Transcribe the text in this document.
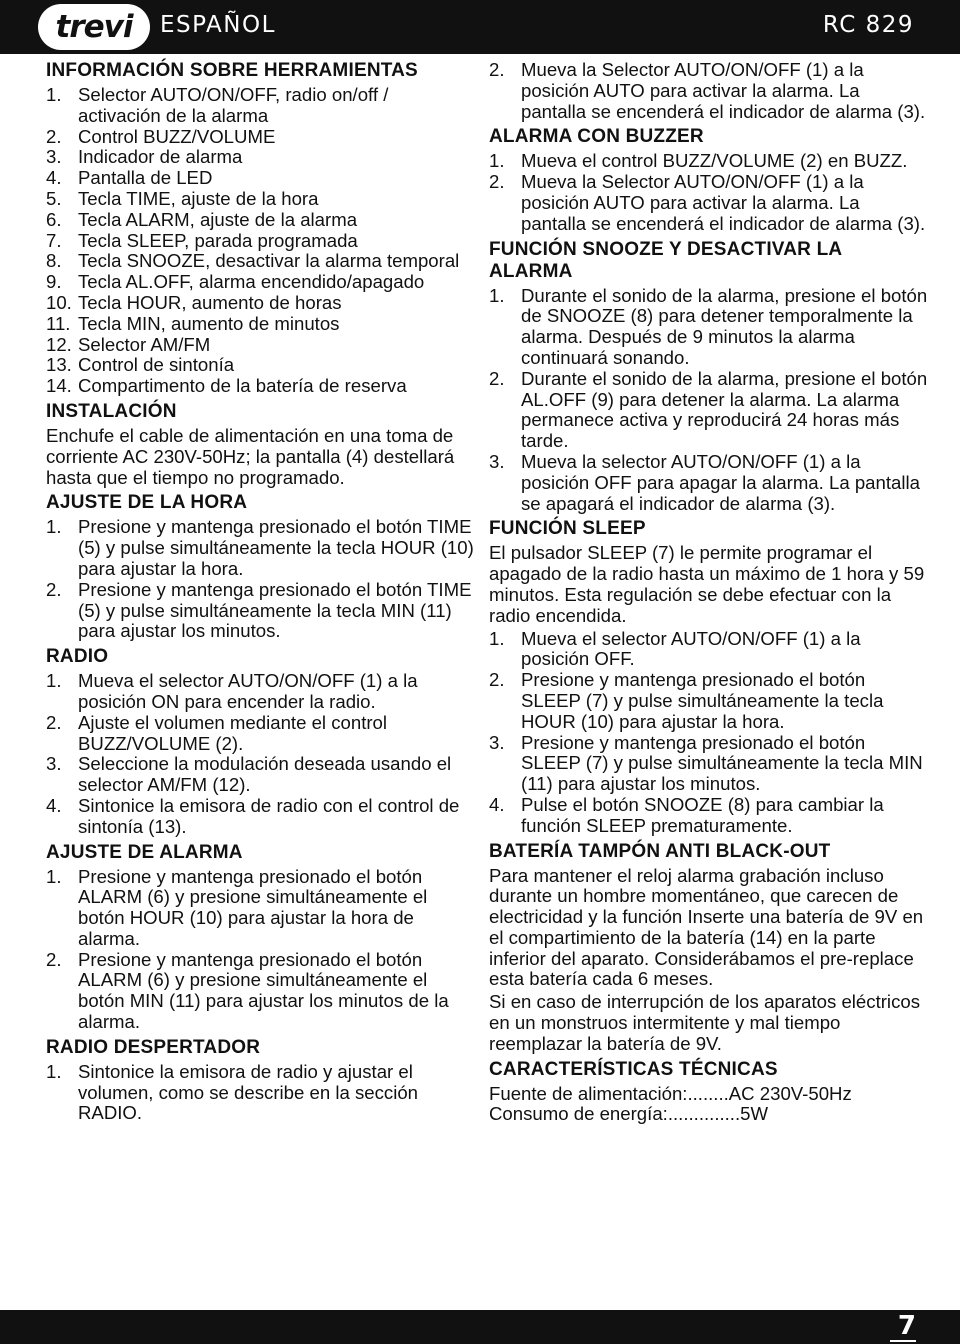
trevi ESPAÑOL	RC 829
INFORMACIÓN SOBRE HERRAMIENTAS
1. Selector AUTO/ON/OFF, radio on/off / activación de la alarma
2. Control BUZZ/VOLUME
3. Indicador de alarma
4. Pantalla de LED
5. Tecla TIME, ajuste de la hora
6. Tecla ALARM, ajuste de la alarma
7. Tecla SLEEP, parada programada
8. Tecla SNOOZE, desactivar la alarma temporal
9. Tecla AL.OFF, alarma encendido/apagado
10. Tecla HOUR, aumento de horas
11. Tecla MIN, aumento de minutos
12. Selector AM/FM
13. Control de sintonía
14. Compartimento de la batería de reserva
INSTALACIÓN

Enchufe el cable de alimentación en una toma de corriente AC 230V-50Hz; la pantalla (4) destellará hasta que el tiempo no programado.

AJUSTE DE LA HORA
1. Presione y mantenga presionado el botón TIME (5) y pulse simultáneamente la tecla HOUR (10) para ajustar la hora.
2. Presione y mantenga presionado el botón TIME (5) y pulse simultáneamente la tecla MIN (11) para ajustar los minutos.
RADIO
1. Mueva el selector AUTO/ON/OFF (1) a la posición ON para encender la radio.
2. Ajuste el volumen mediante el control BUZZ/VOLUME (2).
3. Seleccione la modulación deseada usando el selector AM/FM (12).
4. Sintonice la emisora de radio con el control de sintonía (13).
AJUSTE DE ALARMA
1. Presione y mantenga presionado el botón ALARM (6) y presione simultáneamente el botón HOUR (10) para ajustar la hora de alarma.
2. Presione y mantenga presionado el botón ALARM (6) y presione simultáneamente el botón MIN (11) para ajustar los minutos de la alarma.
RADIO DESPERTADOR
1. Sintonice la emisora de radio y ajustar el volumen, como se describe en la sección RADIO.
2. Mueva la Selector AUTO/ON/OFF (1) a la posición AUTO para activar la alarma. La pantalla se encenderá el indicador de alarma (3).
ALARMA CON BUZZER
1. Mueva el control BUZZ/VOLUME (2) en BUZZ.
2. Mueva la Selector AUTO/ON/OFF (1) a la posición AUTO para activar la alarma. La pantalla se encenderá el indicador de alarma (3).
FUNCIÓN SNOOZE Y DESACTIVAR LA ALARMA
1. Durante el sonido de la alarma, presione el botón de SNOOZE (8) para detener temporalmente la alarma. Después de 9 minutos la alarma continuará sonando.
2. Durante el sonido de la alarma, presione el botón AL.OFF (9) para detener la alarma. La alarma permanece activa y reproducirá 24 horas más tarde.
3. Mueva la selector AUTO/ON/OFF (1) a la posición OFF para apagar la alarma. La pantalla se apagará el indicador de alarma (3).
FUNCIÓN SLEEP

El pulsador SLEEP (7) le permite programar el apagado de la radio hasta un máximo de 1 hora y 59 minutos. Esta regulación se debe efectuar con la radio encendida.

1. Mueva el selector AUTO/ON/OFF (1) a la posición OFF.
2. Presione y mantenga presionado el botón SLEEP (7) y pulse simultáneamente la tecla HOUR (10) para ajustar la hora.
3. Presione y mantenga presionado el botón SLEEP (7) y pulse simultáneamente la tecla MIN (11) para ajustar los minutos.
4. Pulse el botón SNOOZE (8) para cambiar la función SLEEP prematuramente.
BATERÍA TAMPÓN ANTI BLACK-OUT

Para mantener el reloj alarma grabación incluso durante un hombre momentáneo, que carecen de electricidad y la función Inserte una batería de 9V en el compartimiento de la batería (14) en la parte inferior del aparato. Considerábamos el pre-replace esta batería cada 6 meses.

Si en caso de interrupción de los aparatos eléctricos en un monstruos intermitente y mal tiempo reemplazar la batería de 9V.

CARACTERÍSTICAS TÉCNICAS
Fuente de alimentación:........AC 230V-50Hz
Consumo de energía:..............5W
7
